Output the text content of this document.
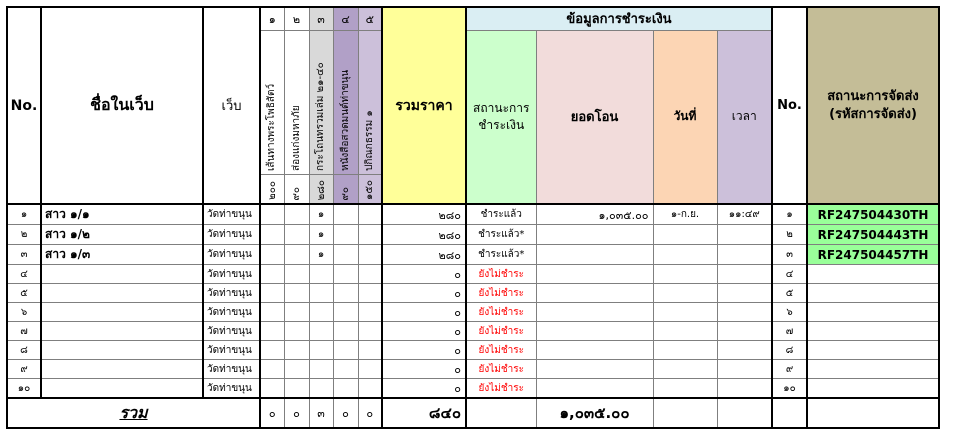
No.	ชื่อในเว็บ	เว็บ	๑	๒	๓	๔	๕	รวมราคา	ข้อมูลการชำระเงิน				No.	สถานะการจัดส่ง
(รหัสการจัดส่ง)

			เส้นทางพระโพธิสัตว์	ส่องแก่งมหาภัย	กระโถนทรวมเล่ม ๒๑-๔๐	หนังสือสวดมนต์ท่าขนุน	ปกิณกธรรม ๑		สถานะการ
ชำระเงิน	ยอดโอน	วันที่	เวลา		
			๒๐๐	๙๐	๒๘๐	๙๐	๑๕๐							
๑	สาว ๑/๑	วัดท่าขนุน			๑			๒๘๐	ชำระแล้ว	๑,๐๓๕.๐๐	๑-ก.ย.	๑๑:๔๙	๑	RF247504430TH
๒	สาว ๑/๒	วัดท่าขนุน			๑			๒๘๐	ชำระแล้ว*				๒	RF247504443TH
๓	สาว ๑/๓	วัดท่าขนุน			๑			๒๘๐	ชำระแล้ว*				๓	RF247504457TH
๔		วัดท่าขนุน						๐	ยังไม่ชำระ				๔	
๕		วัดท่าขนุน						๐	ยังไม่ชำระ				๕	
๖		วัดท่าขนุน						๐	ยังไม่ชำระ				๖	
๗		วัดท่าขนุน						๐	ยังไม่ชำระ				๗	
๘		วัดท่าขนุน						๐	ยังไม่ชำระ				๘	
๙		วัดท่าขนุน						๐	ยังไม่ชำระ				๙	
๑๐		วัดท่าขนุน						๐	ยังไม่ชำระ				๑๐	
รวม			๐	๐	๓	๐	๐	๘๔๐		๑,๐๓๕.๐๐				
